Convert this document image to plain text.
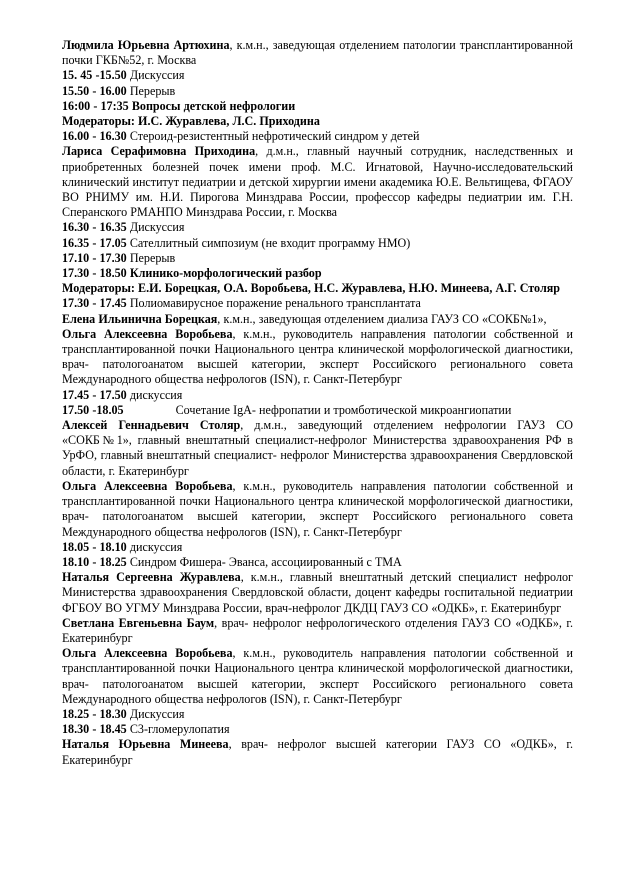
Людмила Юрьевна Артюхина, к.м.н., заведующая отделением патологии трансплантированной почки ГКБ№52, г. Москва

15. 45 -15.50 Дискуссия

15.50 - 16.00 Перерыв

16:00 - 17:35 Вопросы детской нефрологии

Модераторы: И.С. Журавлева, Л.С. Приходина

16.00 - 16.30 Стероид-резистентный нефротический синдром у детей

Лариса Серафимовна Приходина, д.м.н., главный научный сотрудник, наследственных и приобретенных болезней почек имени проф. М.С. Игнатовой, Научно-исследовательский клинический институт педиатрии и детской хирургии имени академика Ю.Е. Вельтищева, ФГАОУ ВО РНИМУ им. Н.И. Пирогова Минздрава России, профессор кафедры педиатрии им. Г.Н. Сперанского РМАНПО Минздрава России, г. Москва

16.30 - 16.35 Дискуссия

16.35 - 17.05 Сателлитный симпозиум (не входит программу НМО)

17.10 - 17.30 Перерыв

17.30 - 18.50 Клинико-морфологический разбор

Модераторы: Е.И. Борецкая, О.А. Воробьева, Н.С. Журавлева, Н.Ю. Минеева, А.Г. Столяр

17.30 - 17.45 Полиомавирусное поражение ренального трансплантата

Елена Ильинична Борецкая, к.м.н., заведующая отделением диализа ГАУЗ СО «СОКБ№1»,

Ольга Алексеевна Воробьева, к.м.н., руководитель направления патологии собственной и трансплантированной почки Национального центра клинической морфологической диагностики, врач- патологоанатом высшей категории, эксперт Российского регионального совета Международного общества нефрологов (ISN), г. Санкт-Петербург

17.45 - 17.50 дискуссия

17.50 -18.05	Сочетание IgA- нефропатии и тромботической микроангиопатии

Алексей Геннадьевич Столяр, д.м.н., заведующий отделением нефрологии ГАУЗ СО «СОКБ№1», главный внештатный специалист-нефролог Министерства здравоохранения РФ в УрФО, главный внештатный специалист- нефролог Министерства здравоохранения Свердловской области, г. Екатеринбург

Ольга Алексеевна Воробьева, к.м.н., руководитель направления патологии собственной и трансплантированной почки Национального центра клинической морфологической диагностики, врач- патологоанатом высшей категории, эксперт Российского регионального совета Международного общества нефрологов (ISN), г. Санкт-Петербург

18.05 - 18.10 дискуссия

18.10 - 18.25 Синдром Фишера- Эванса, ассоциированный с ТМА

Наталья Сергеевна Журавлева, к.м.н., главный внештатный детский специалист нефролог Министерства здравоохранения Свердловской области, доцент кафедры госпитальной педиатрии ФГБОУ ВО УГМУ Минздрава России, врач-нефролог ДКДЦ ГАУЗ СО «ОДКБ», г. Екатеринбург

Светлана Евгеньевна Баум, врач- нефролог нефрологического отделения ГАУЗ СО «ОДКБ», г. Екатеринбург

Ольга Алексеевна Воробьева, к.м.н., руководитель направления патологии собственной и трансплантированной почки Национального центра клинической морфологической диагностики, врач- патологоанатом высшей категории, эксперт Российского регионального совета Международного общества нефрологов (ISN), г. Санкт-Петербург

18.25 - 18.30 Дискуссия

18.30 - 18.45 С3-гломерулопатия

Наталья Юрьевна Минеева, врач- нефролог высшей категории ГАУЗ СО «ОДКБ», г. Екатеринбург
